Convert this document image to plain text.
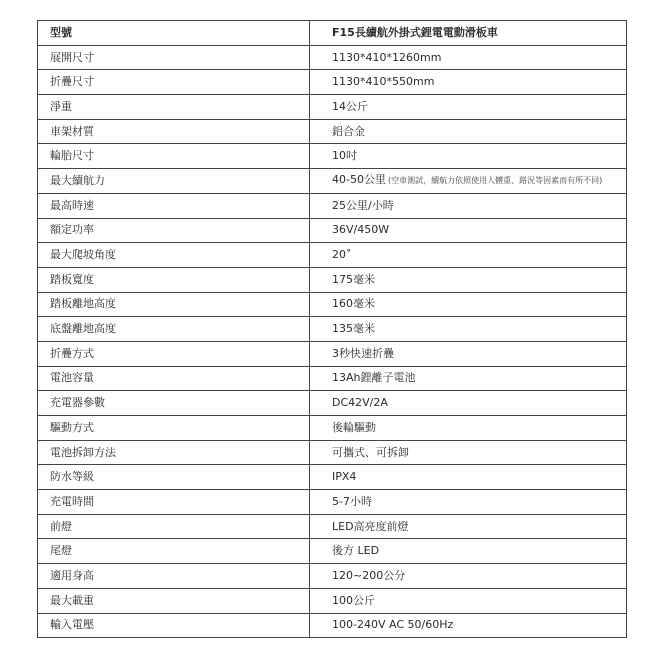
型號	F15長續航外掛式鋰電電動滑板車
展開尺寸	1130*410*1260mm
折疊尺寸	1130*410*550mm
淨重	14公斤
車架材質	鋁合金
輪胎尺寸	10吋
最大續航力	40-50公里 (空車測試，續航力依照使用人體重、路況等因素而有所不同)
最高時速	25公里/小時
額定功率	36V/450W
最大爬坡角度	20˚
踏板寬度	175毫米
踏板離地高度	160毫米
底盤離地高度	135毫米
折疊方式	3秒快速折疊
電池容量	13Ah鋰離子電池
充電器參數	DC42V/2A
驅動方式	後輪驅動
電池拆卸方法	可攜式、可拆卸
防水等級	IPX4
充電時間	5-7小時
前燈	LED高亮度前燈
尾燈	後方 LED
適用身高	120~200公分
最大載重	100公斤
輸入電壓	100-240V AC 50/60Hz
